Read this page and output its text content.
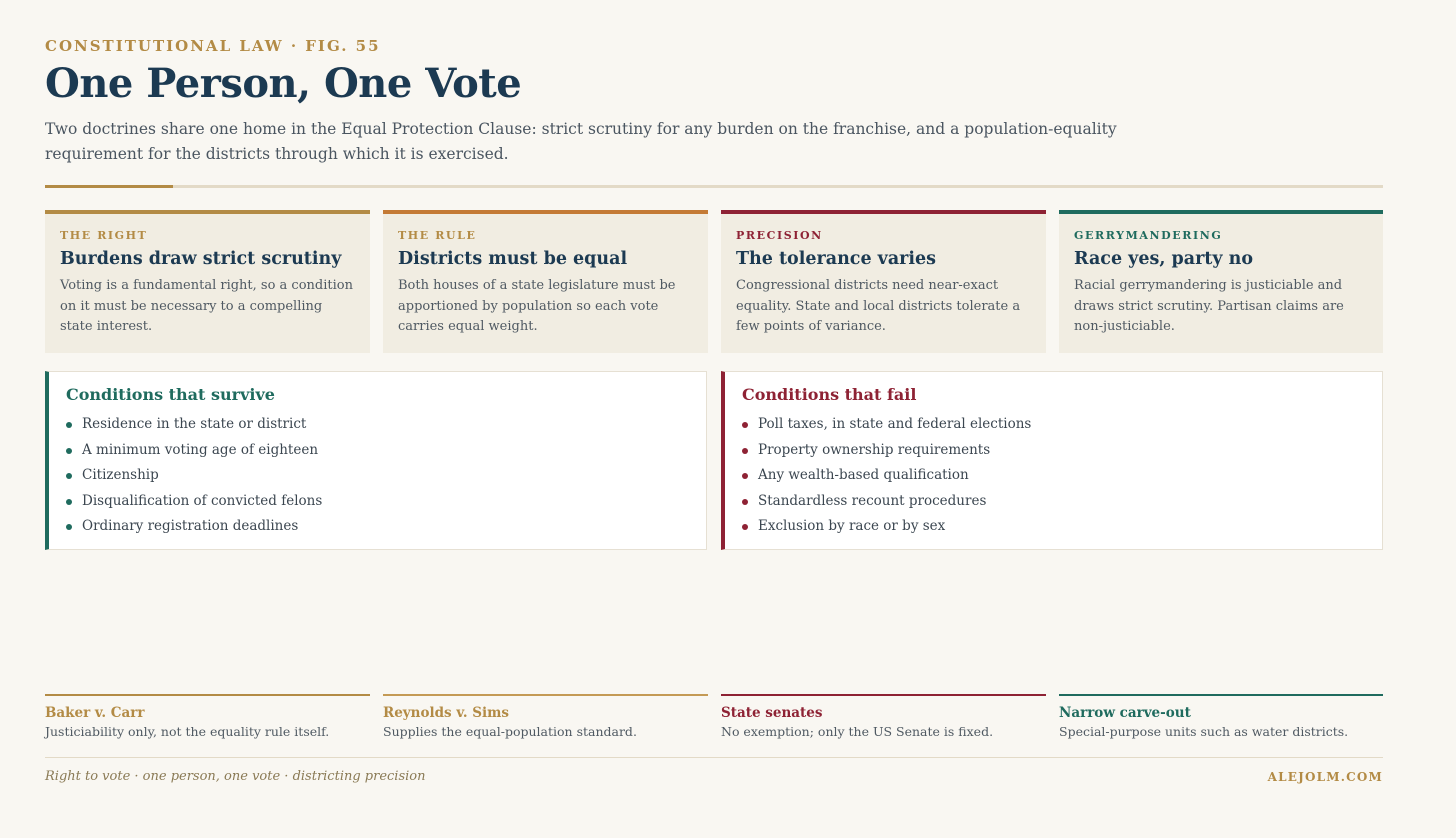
CONSTITUTIONAL LAW · FIG. 55
One Person, One Vote

Two doctrines share one home in the Equal Protection Clause: strict scrutiny for any burden on the franchise, and a population-equality requirement for the districts through which it is exercised.

THE RIGHT
Burdens draw strict scrutiny
Voting is a fundamental right, so a condition on it must be necessary to a compelling state interest.
THE RULE
Districts must be equal
Both houses of a state legislature must be apportioned by population so each vote carries equal weight.
PRECISION
The tolerance varies
Congressional districts need near-exact equality. State and local districts tolerate a few points of variance.
GERRYMANDERING
Race yes, party no
Racial gerrymandering is justiciable and draws strict scrutiny. Partisan claims are non-justiciable.
Conditions that survive
Residence in the state or district
A minimum voting age of eighteen
Citizenship
Disqualification of convicted felons
Ordinary registration deadlines
Conditions that fail
Poll taxes, in state and federal elections
Property ownership requirements
Any wealth-based qualification
Standardless recount procedures
Exclusion by race or by sex
Baker v. Carr
Justiciability only, not the equality rule itself.
Reynolds v. Sims
Supplies the equal-population standard.
State senates
No exemption; only the US Senate is fixed.
Narrow carve-out
Special-purpose units such as water districts.
Right to vote · one person, one vote · districting precision	ALEJOLM.COM
